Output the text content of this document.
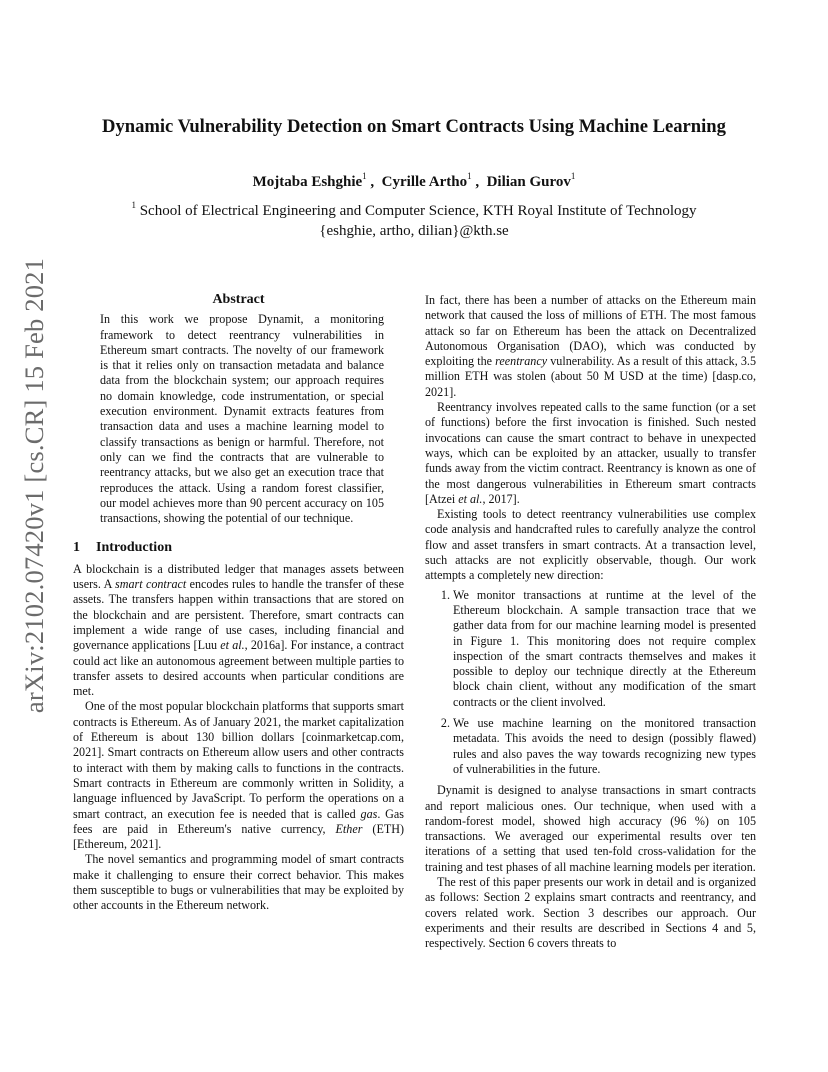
arXiv:2102.07420v1 [cs.CR] 15 Feb 2021
Dynamic Vulnerability Detection on Smart Contracts Using Machine Learning
Mojtaba Eshghie$^1$ ,  Cyrille Artho$^1$ ,  Dilian Gurov$^1$
$^1$ School of Electrical Engineering and Computer Science, KTH Royal Institute of Technology
{eshghie, artho, dilian}@kth.se
Abstract

In this work we propose Dynamit, a monitoring framework to detect reentrancy vulnerabilities in Ethereum smart contracts. The novelty of our framework is that it relies only on transaction metadata and balance data from the blockchain system; our approach requires no domain knowledge, code instrumentation, or special execution environment. Dynamit extracts features from transaction data and uses a machine learning model to classify transactions as benign or harmful. Therefore, not only can we find the contracts that are vulnerable to reentrancy attacks, but we also get an execution trace that reproduces the attack. Using a random forest classifier, our model achieves more than 90 percent accuracy on 105 transactions, showing the potential of our technique.

1 Introduction

A blockchain is a distributed ledger that manages assets between users. A smart contract encodes rules to handle the transfer of these assets. The transfers happen within transactions that are stored on the blockchain and are persistent. Therefore, smart contracts can implement a wide range of use cases, including financial and governance applications [Luu et al., 2016a]. For instance, a contract could act like an autonomous agreement between multiple parties to transfer assets to desired accounts when particular conditions are met.

One of the most popular blockchain platforms that supports smart contracts is Ethereum. As of January 2021, the market capitalization of Ethereum is about 130 billion dollars [coinmarketcap.com, 2021]. Smart contracts on Ethereum allow users and other contracts to interact with them by making calls to functions in the contracts. Smart contracts in Ethereum are commonly written in Solidity, a language influenced by JavaScript. To perform the operations on a smart contract, an execution fee is needed that is called gas. Gas fees are paid in Ethereum's native currency, Ether (ETH) [Ethereum, 2021].

The novel semantics and programming model of smart contracts make it challenging to ensure their correct behavior. This makes them susceptible to bugs or vulnerabilities that may be exploited by other accounts in the Ethereum network.

In fact, there has been a number of attacks on the Ethereum main network that caused the loss of millions of ETH. The most famous attack so far on Ethereum has been the attack on Decentralized Autonomous Organisation (DAO), which was conducted by exploiting the reentrancy vulnerability. As a result of this attack, 3.5 million ETH was stolen (about 50 M USD at the time) [dasp.co, 2021].

Reentrancy involves repeated calls to the same function (or a set of functions) before the first invocation is finished. Such nested invocations can cause the smart contract to behave in unexpected ways, which can be exploited by an attacker, usually to transfer funds away from the victim contract. Reentrancy is known as one of the most dangerous vulnerabilities in Ethereum smart contracts [Atzei et al., 2017].

Existing tools to detect reentrancy vulnerabilities use complex code analysis and handcrafted rules to carefully analyze the control flow and asset transfers in smart contracts. At a transaction level, such attacks are not explicitly observable, though. Our work attempts a completely new direction:

1. We monitor transactions at runtime at the level of the Ethereum blockchain. A sample transaction trace that we gather data from for our machine learning model is presented in Figure 1. This monitoring does not require complex inspection of the smart contracts themselves and makes it possible to deploy our technique directly at the Ethereum block chain client, without any modification of the smart contracts or the client involved.
2. We use machine learning on the monitored transaction metadata. This avoids the need to design (possibly flawed) rules and also paves the way towards recognizing new types of vulnerabilities in the future.

Dynamit is designed to analyse transactions in smart contracts and report malicious ones. Our technique, when used with a random-forest model, showed high accuracy (96 %) on 105 transactions. We averaged our experimental results over ten iterations of a setting that used ten-fold cross-validation for the training and test phases of all machine learning models per iteration.

The rest of this paper presents our work in detail and is organized as follows: Section 2 explains smart contracts and reentrancy, and covers related work. Section 3 describes our approach. Our experiments and their results are described in Sections 4 and 5, respectively. Section 6 covers threats to
